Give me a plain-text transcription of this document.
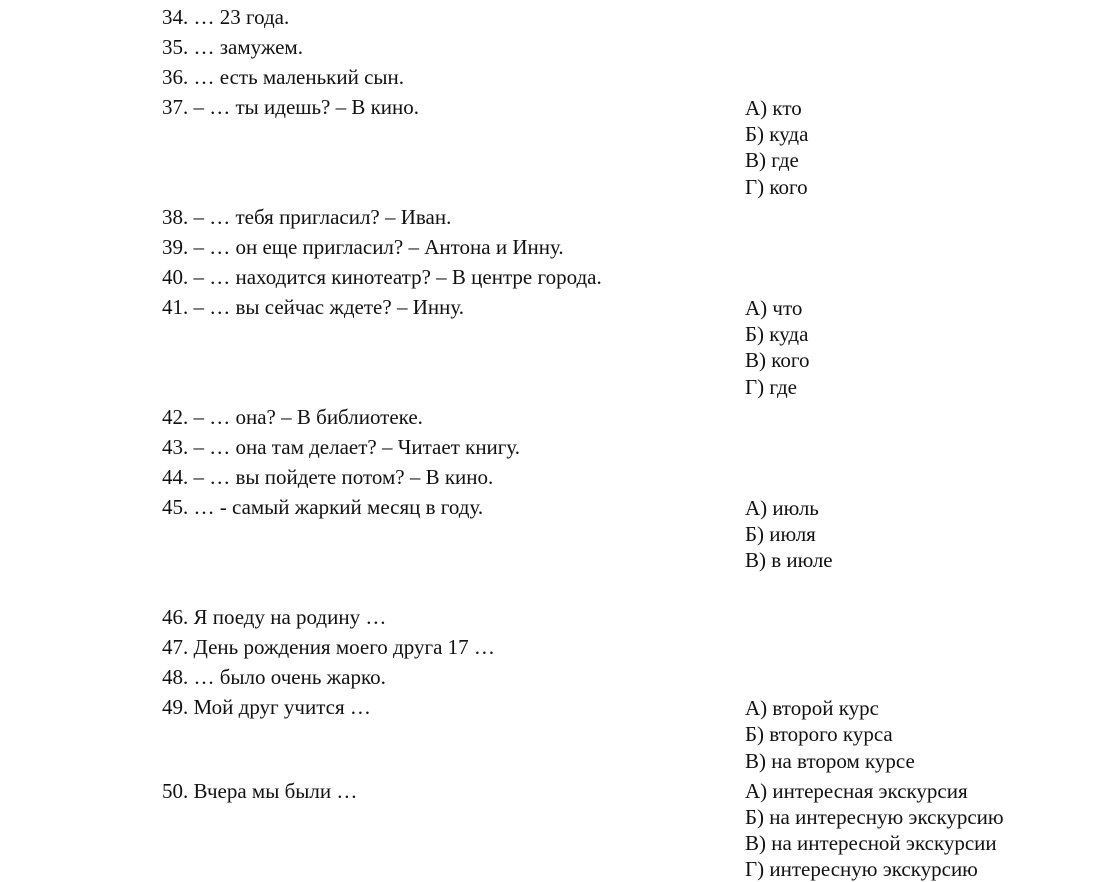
34. … 23 года.
35. … замужем.
36. … есть маленький сын.
37. – … ты идешь? – В кино.	А) кто
Б) куда
В) где
Г) кого
38. – … тебя пригласил? – Иван.
39. – … он еще пригласил? – Антона и Инну.
40. – … находится кинотеатр? – В центре города.
41. – … вы сейчас ждете? – Инну.	А) что
Б) куда
В) кого
Г) где
42. – … она? – В библиотеке.
43. – … она там делает? – Читает книгу.
44. – … вы пойдете потом? – В кино.
45. … - самый жаркий месяц в году.	А) июль
Б) июля
В) в июле
46. Я поеду на родину …
47. День рождения моего друга 17 …
48. … было очень жарко.
49. Мой друг учится …	А) второй курс
Б) второго курса
В) на втором курсе
50. Вчера мы были …	А) интересная экскурсия
Б) на интересную экскурсию
В) на интересной экскурсии
Г) интересную экскурсию
